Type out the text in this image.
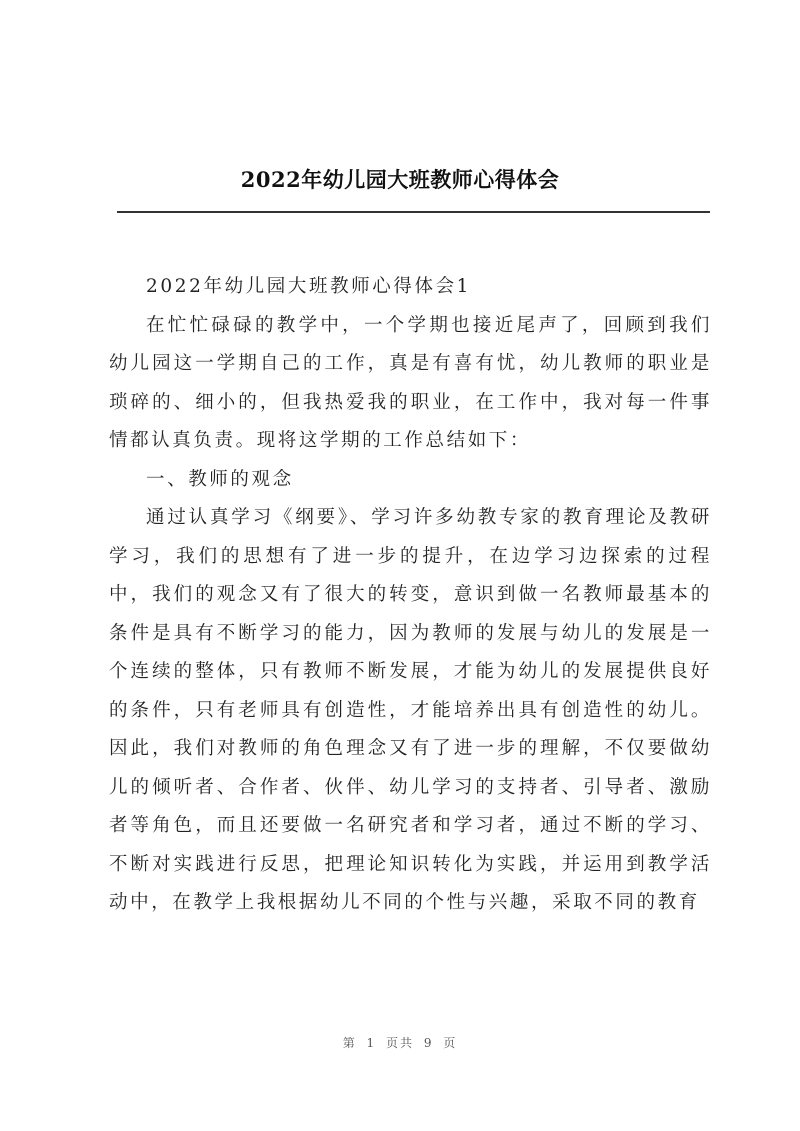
2022年幼儿园大班教师心得体会

2022年幼儿园大班教师心得体会1

在忙忙碌碌的教学中，一个学期也接近尾声了，回顾到我们幼儿园这一学期自己的工作，真是有喜有忧，幼儿教师的职业是琐碎的、细小的，但我热爱我的职业，在工作中，我对每一件事情都认真负责。现将这学期的工作总结如下：

一、教师的观念

通过认真学习《纲要》、学习许多幼教专家的教育理论及教研学习，我们的思想有了进一步的提升，在边学习边探索的过程中，我们的观念又有了很大的转变，意识到做一名教师最基本的条件是具有不断学习的能力，因为教师的发展与幼儿的发展是一个连续的整体，只有教师不断发展，才能为幼儿的发展提供良好的条件，只有老师具有创造性，才能培养出具有创造性的幼儿。因此，我们对教师的角色理念又有了进一步的理解，不仅要做幼儿的倾听者、合作者、伙伴、幼儿学习的支持者、引导者、激励者等角色，而且还要做一名研究者和学习者，通过不断的学习、不断对实践进行反思，把理论知识转化为实践，并运用到教学活动中，在教学上我根据幼儿不同的个性与兴趣，采取不同的教育

第 1 页共 9 页
